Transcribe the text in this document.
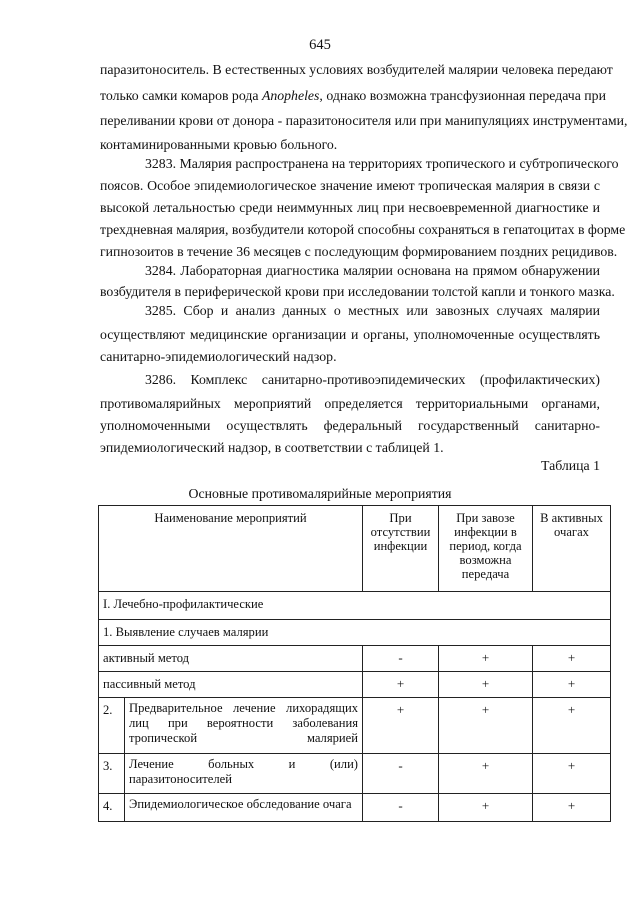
645
паразитоноситель. В естественных условиях возбудителей малярии человека передают
только самки комаров рода Anopheles, однако возможна трансфузионная передача при
переливании крови от донора - паразитоносителя или при манипуляциях инструментами,
контаминированными кровью больного.
3283. Малярия распространена на территориях тропического и субтропического
поясов. Особое эпидемиологическое значение имеют тропическая малярия в связи с
высокой летальностью среди неиммунных лиц при несвоевременной диагностике и
трехдневная малярия, возбудители которой способны сохраняться в гепатоцитах в форме
гипнозоитов в течение 36 месяцев с последующим формированием поздних рецидивов.
3284. Лабораторная диагностика малярии основана на прямом обнаружении
возбудителя в периферической крови при исследовании толстой капли и тонкого мазка.
3285. Сбор и анализ данных о местных или завозных случаях малярии
осуществляют медицинские организации и органы, уполномоченные осуществлять
санитарно-эпидемиологический надзор.
3286. Комплекс санитарно-противоэпидемических (профилактических)
противомалярийных мероприятий определяется территориальными органами,
уполномоченными осуществлять федеральный государственный санитарно-
эпидемиологический надзор, в соответствии с таблицей 1.
Таблица 1
Основные противомалярийные мероприятия
Наименование мероприятий		При отсутствии инфекции	При завозе инфекции в период, когда возможна передача	В активных очагах
I. Лечебно-профилактические				
1. Выявление случаев малярии				
активный метод		-	+	+
пассивный метод		+	+	+
2.	Предварительное лечение лихорадящих лиц при вероятности заболевания тропической малярией	+	+	+
3.	Лечение больных и (или) паразитоносителей	-	+	+
4.	Эпидемиологическое обследование очага	-	+	+
